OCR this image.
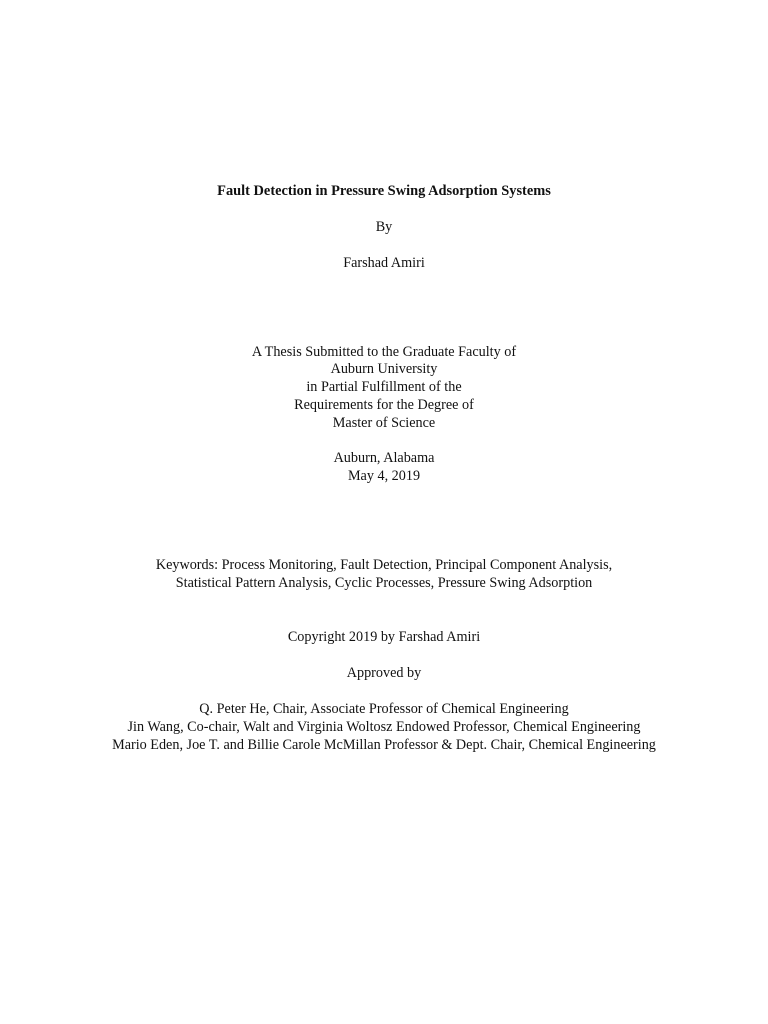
Fault Detection in Pressure Swing Adsorption Systems
By
Farshad Amiri
A Thesis Submitted to the Graduate Faculty of
Auburn University
in Partial Fulfillment of the
Requirements for the Degree of
Master of Science
Auburn, Alabama
May 4, 2019
Keywords: Process Monitoring, Fault Detection, Principal Component Analysis,
Statistical Pattern Analysis, Cyclic Processes, Pressure Swing Adsorption
Copyright 2019 by Farshad Amiri
Approved by
Q. Peter He, Chair, Associate Professor of Chemical Engineering
Jin Wang, Co-chair, Walt and Virginia Woltosz Endowed Professor, Chemical Engineering
Mario Eden, Joe T. and Billie Carole McMillan Professor & Dept. Chair, Chemical Engineering
